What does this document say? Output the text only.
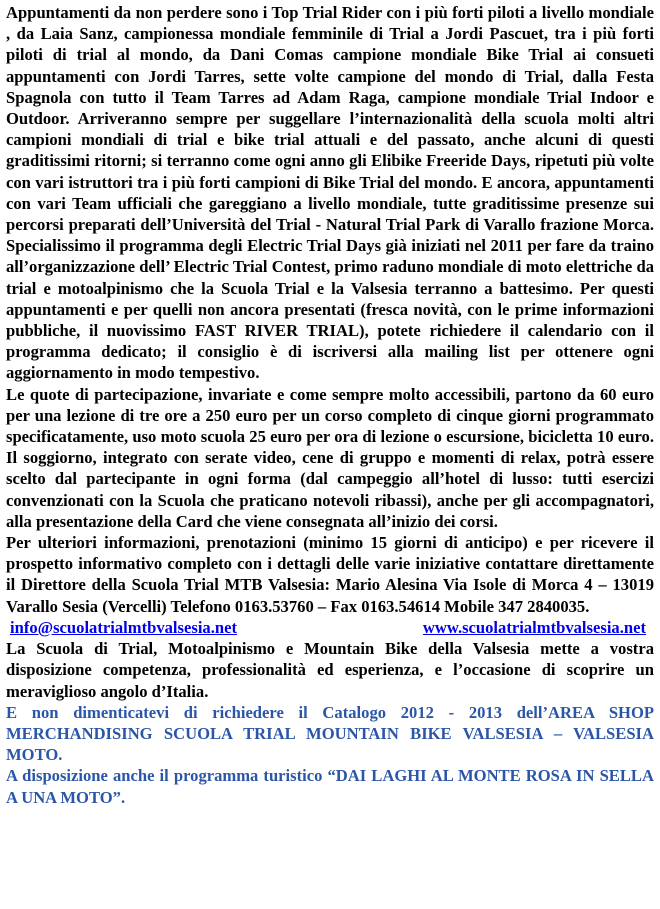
Appuntamenti da non perdere sono i Top Trial Rider con i più forti piloti a livello mondiale , da Laia Sanz, campionessa mondiale femminile di Trial a Jordi Pascuet, tra i più forti piloti di trial al mondo, da Dani Comas campione mondiale Bike Trial ai consueti appuntamenti con Jordi Tarres, sette volte campione del mondo di Trial, dalla Festa Spagnola con tutto il Team Tarres ad Adam Raga, campione mondiale Trial Indoor e Outdoor. Arriveranno sempre per suggellare l’internazionalità della scuola molti altri campioni mondiali di trial e bike trial attuali e del passato, anche alcuni di questi graditissimi ritorni; si terranno come ogni anno gli Elibike Freeride Days, ripetuti più volte con vari istruttori tra i più forti campioni di Bike Trial del mondo. E ancora, appuntamenti con vari Team ufficiali che gareggiano a livello mondiale, tutte graditissime presenze sui percorsi preparati dell’Università del Trial - Natural Trial Park di Varallo frazione Morca. Specialissimo il programma degli Electric Trial Days già iniziati nel 2011 per fare da traino all’organizzazione dell’ Electric Trial Contest, primo raduno mondiale di moto elettriche da trial e motoalpinismo che la Scuola Trial e la Valsesia terranno a battesimo. Per questi appuntamenti e per quelli non ancora presentati (fresca novità, con le prime informazioni pubbliche, il nuovissimo FAST RIVER TRIAL), potete richiedere il calendario con il programma dedicato; il consiglio è di iscriversi alla mailing list per ottenere ogni aggiornamento in modo tempestivo.

Le quote di partecipazione, invariate e come sempre molto accessibili, partono da 60 euro per una lezione di tre ore a 250 euro per un corso completo di cinque giorni programmato specificatamente, uso moto scuola 25 euro per ora di lezione o escursione, bicicletta 10 euro. Il soggiorno, integrato con serate video, cene di gruppo e momenti di relax, potrà essere scelto dal partecipante in ogni forma (dal campeggio all’hotel di lusso: tutti esercizi convenzionati con la Scuola che praticano notevoli ribassi), anche per gli accompagnatori, alla presentazione della Card che viene consegnata all’inizio dei corsi.

Per ulteriori informazioni, prenotazioni (minimo 15 giorni di anticipo) e per ricevere il prospetto informativo completo con i dettagli delle varie iniziative contattare direttamente il Direttore della Scuola Trial MTB Valsesia: Mario Alesina Via Isole di Morca 4 – 13019 Varallo Sesia (Vercelli) Telefono 0163.53760 – Fax 0163.54614 Mobile 347 2840035.

info@scuolatrialmtbvalsesia.net	www.scuolatrialmtbvalsesia.net

La Scuola di Trial, Motoalpinismo e Mountain Bike della Valsesia mette a vostra disposizione competenza, professionalità ed esperienza, e l’occasione di scoprire un meraviglioso angolo d’Italia.

E non dimenticatevi di richiedere il Catalogo 2012 - 2013 dell’AREA SHOP MERCHANDISING SCUOLA TRIAL MOUNTAIN BIKE VALSESIA – VALSESIA MOTO.

A disposizione anche il programma turistico “DAI LAGHI AL MONTE ROSA IN SELLA A UNA MOTO”.
